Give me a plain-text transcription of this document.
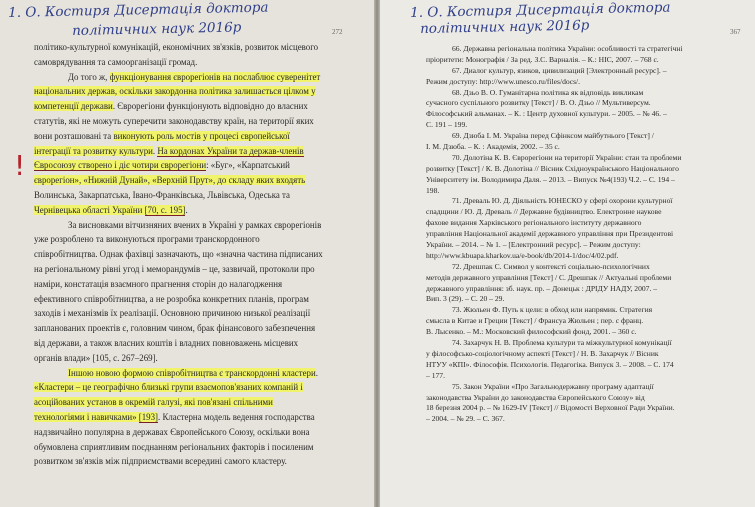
1. О. Костиря Дисертація доктора
політичних наук 2016р	272
!
політико-культурної комунікацій, економічних зв'язків, розвиток місцевого
самоврядування та самоорганізації громад.
До того ж, функціонування єврорегіонів на послаблює суверенітет
національних держав, оскільки закордонна політика залишається цілком у
компетенції держави. Єврорегіони функціонують відповідно до власних
статутів, які не можуть суперечити законодавству країн, на території яких
вони розташовані та виконують роль мостів у процесі європейської
інтеграції та розвитку культури. На кордонах України та держав-членів
Євросоюзу створено і діє чотири єврорегіони: «Буг», «Карпатський
єврорегіон», «Нижній Дунай», «Верхній Прут», до складу яких входять
Волинська, Закарпатська, Івано-Франківська, Львівська, Одеська та
Чернівецька області України [70, с. 195].
За висновками вітчизняних вчених в Україні у рамках єврорегіонів
уже розроблено та виконуються програми транскордонного
співробітництва. Однак фахівці зазначають, що «значна частина підписаних
на регіональному рівні угод і меморандумів – це, зазвичай, протоколи про
наміри, констатація взаємного прагнення сторін до налагодження
ефективного співробітництва, а не розробка конкретних планів, програм
заходів і механізмів їх реалізації. Основною причиною низької реалізації
запланованих проектів є, головним чином, брак фінансового забезпечення
від держави, а також власних коштів і владних повноважень місцевих
органів влади» [105, с. 267–269].
Іншою новою формою співробітництва є транскордонні кластери.
«Кластери – це географічно близькі групи взаємопов'язаних компаній і
асоційованих установ в окремій галузі, які пов'язані спільними
технологіями і навичками» [193]. Кластерна модель ведення господарства
надзвичайно популярна в державах Європейського Союзу, оскільки вона
обумовлена сприятливим поєднанням регіональних факторів і посиленим
розвитком зв'язків між підприємствами всередині самого кластеру.
1. О. Костиря Дисертація доктора
політичних наук 2016р	367
66. Державна регіональна політика України: особливості та стратегічні
пріоритети: Монографія / За ред. З.С. Варналія. – К.: НІС, 2007. – 768 с.
67. Диалог культур, язиков, цивилизаций [Электронный ресурс]. –
Режим доступу: http://www.unesco.ru/files/docs/.
68. Дзьо В. О. Гуманітарна політика як відповідь викликам
сучасного суспільного розвитку [Текст] / В. О. Дзьо // Мультиверсум.
Філософський альманах. – К. : Центр духовної культури. – 2005. – № 46. –
С. 191 – 199.
69. Дзюба І. М. Україна перед Сфінксом майбутнього [Текст] /
І. М. Дзюба. – К. : Академія, 2002. – 35 с.
70. Долотіна К. В. Єврорегіони на території України: стан та проблеми
розвитку [Текст] / К. В. Долотіна // Вісник Східноукраїнського Національного
Університету ім. Володимира Даля. – 2013. – Випуск №4(193) Ч.2. – С. 194 –
198.
71. Древаль Ю. Д. Діяльність ЮНЕСКО у сфері охорони культурної
спадщини / Ю. Д. Древаль // Державне будівництво. Електронне наукове
фахове видання Харківського регіонального інституту державного
управління Національної академії державного управління при Президентові
України. – 2014. – № 1. – [Електронний ресурс]. – Режим доступу:
http://www.kbuapa.kharkov.ua/e-book/db/2014-1/doc/4/02.pdf.
72. Дрешпак С. Символ у контексті соціально-психологічних
методів державного управління [Текст] / С. Дрешпак // Актуальні проблеми
державного управління: зб. наук. пр. – Донецьк : ДРІДУ НАДУ, 2007. –
Вип. 3 (29). – С. 20 – 29.
73. Жюльен Ф. Путь к цели: в обход или напрямик. Стратегия
смысла в Китае и Греции [Текст] / Франсуа Жюльен ; пер. с франц.
В. Лысенко. – М.: Московский философский фонд, 2001. – 360 с.
74. Захарчук Н. В. Проблема культури та міжкультурної комунікації
у філософсько-соціологічному аспекті [Текст] / Н. В. Захарчук // Вісник
НТУУ «КПІ». Філософія. Психологія. Педагогіка. Випуск 3. – 2008. – С. 174
– 177.
75. Закон України «Про Загальнодержавну програму адаптації
законодавства України до законодавства Європейського Союзу» від
18 березня 2004 р. – № 1629-IV [Текст] // Відомості Верховної Ради України.
– 2004. – № 29. – С. 367.
